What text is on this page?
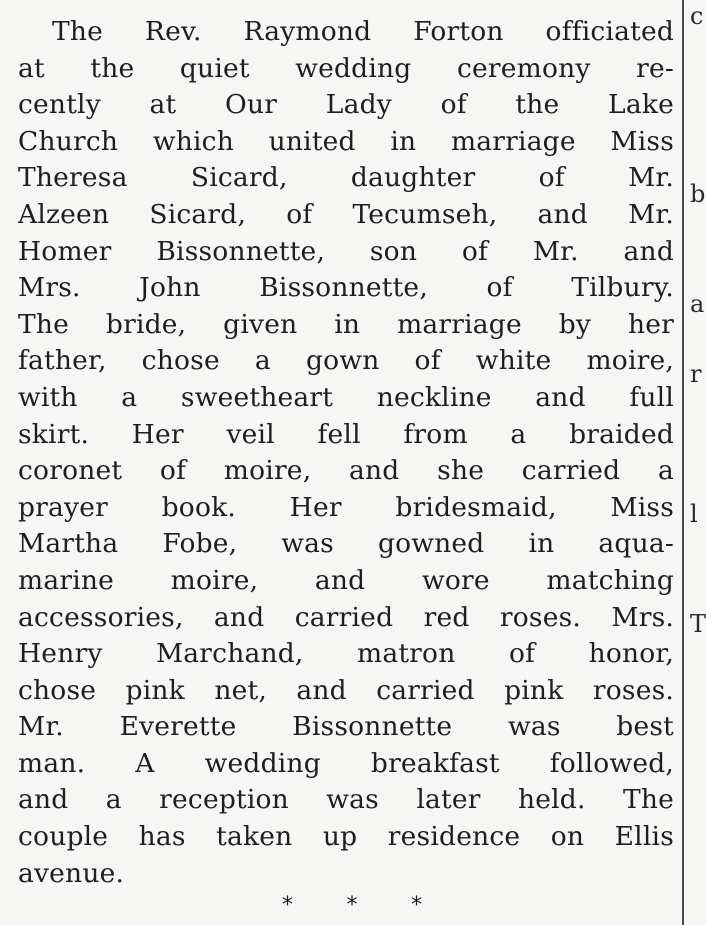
The Rev. Raymond Forton officiated
at the quiet wedding ceremony re-
cently at Our Lady of the Lake
Church which united in marriage Miss
Theresa Sicard, daughter of Mr.
Alzeen Sicard, of Tecumseh, and Mr.
Homer Bissonnette, son of Mr. and
Mrs. John Bissonnette, of Tilbury.
The bride, given in marriage by her
father, chose a gown of white moire,
with a sweetheart neckline and full
skirt. Her veil fell from a braided
coronet of moire, and she carried a
prayer book. Her bridesmaid, Miss
Martha Fobe, was gowned in aqua-
marine moire, and wore matching
accessories, and carried red roses. Mrs.
Henry Marchand, matron of honor,
chose pink net, and carried pink roses.
Mr. Everette Bissonnette was best
man. A wedding breakfast followed,
and a reception was later held. The
couple has taken up residence on Ellis
avenue.
* * *
c
b
a
r
l
T
